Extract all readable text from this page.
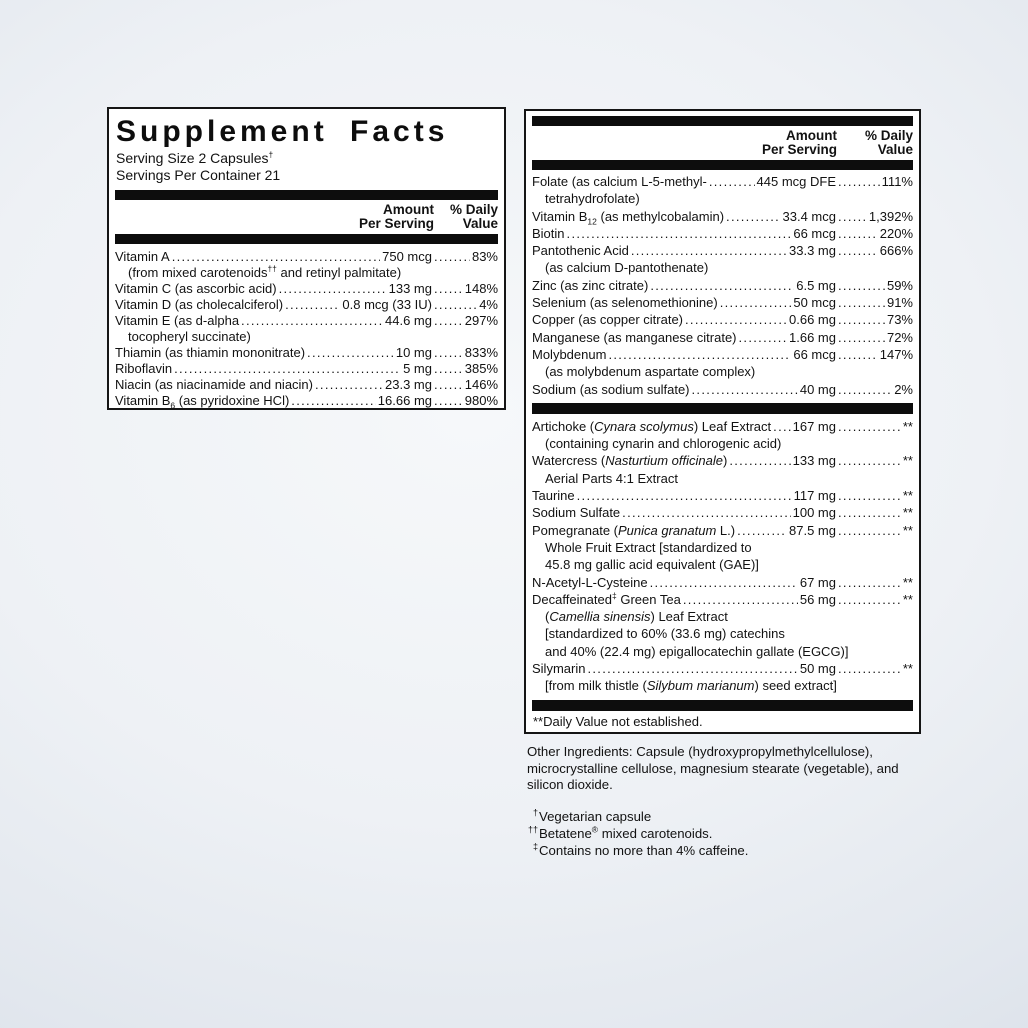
Supplement Facts
Serving Size 2 Capsules†
Servings Per Container 21
Amount
Per Serving
% Daily
Value
Vitamin A .....	750 mcg .....	83%
(from mixed carotenoids†† and retinyl palmitate)
Vitamin C (as ascorbic acid) .....	133 mg .....	148%
Vitamin D (as cholecalciferol) .....	0.8 mcg (33 IU) .....	4%
Vitamin E (as d-alpha .....	44.6 mg .....	297%
tocopheryl succinate)
Thiamin (as thiamin mononitrate) .....	10 mg .....	833%
Riboflavin .....	5 mg .....	385%
Niacin (as niacinamide and niacin) .....	23.3 mg .....	146%
Vitamin $B_6$ (as pyridoxine HCl) .....	16.66 mg .....	980%
Amount
Per Serving
% Daily
Value
Folate (as calcium L-5-methyl- .....	445 mcg DFE .....	111%
tetrahydrofolate)
Vitamin $B_{12}$ (as methylcobalamin) .....	33.4 mcg .....	1,392%
Biotin .....	66 mcg .....	220%
Pantothenic Acid .....	33.3 mg .....	666%
(as calcium D-pantothenate)
Zinc (as zinc citrate) .....	6.5 mg .....	59%
Selenium (as selenomethionine) .....	50 mcg .....	91%
Copper (as copper citrate) .....	0.66 mg .....	73%
Manganese (as manganese citrate) .....	1.66 mg .....	72%
Molybdenum .....	66 mcg .....	147%
(as molybdenum aspartate complex)
Sodium (as sodium sulfate) .....	40 mg .....	2%
Artichoke (Cynara scolymus) Leaf Extract ..... 167 mg .....	**
(containing cynarin and chlorogenic acid)
Watercress (Nasturtium officinale) .....	133 mg .....	**
Aerial Parts 4:1 Extract
Taurine .....	117 mg .....	**
Sodium Sulfate .....	100 mg .....	**
Pomegranate (Punica granatum L.) .....	87.5 mg .....	**
Whole Fruit Extract [standardized to
45.8 mg gallic acid equivalent (GAE)]
N-Acetyl-L-Cysteine .....	67 mg .....	**
Decaffeinated‡ Green Tea .....	56 mg .....	**
(Camellia sinensis) Leaf Extract
[standardized to 60% (33.6 mg) catechins
and 40% (22.4 mg) epigallocatechin gallate (EGCG)]
Silymarin .....	50 mg .....	**
[from milk thistle (Silybum marianum) seed extract]
**Daily Value not established.

Other Ingredients: Capsule (hydroxypropylmethylcellulose), microcrystalline cellulose, magnesium stearate (vegetable), and silicon dioxide.

† Vegetarian capsule
†† Betatene® mixed carotenoids.
‡ Contains no more than 4% caffeine.
